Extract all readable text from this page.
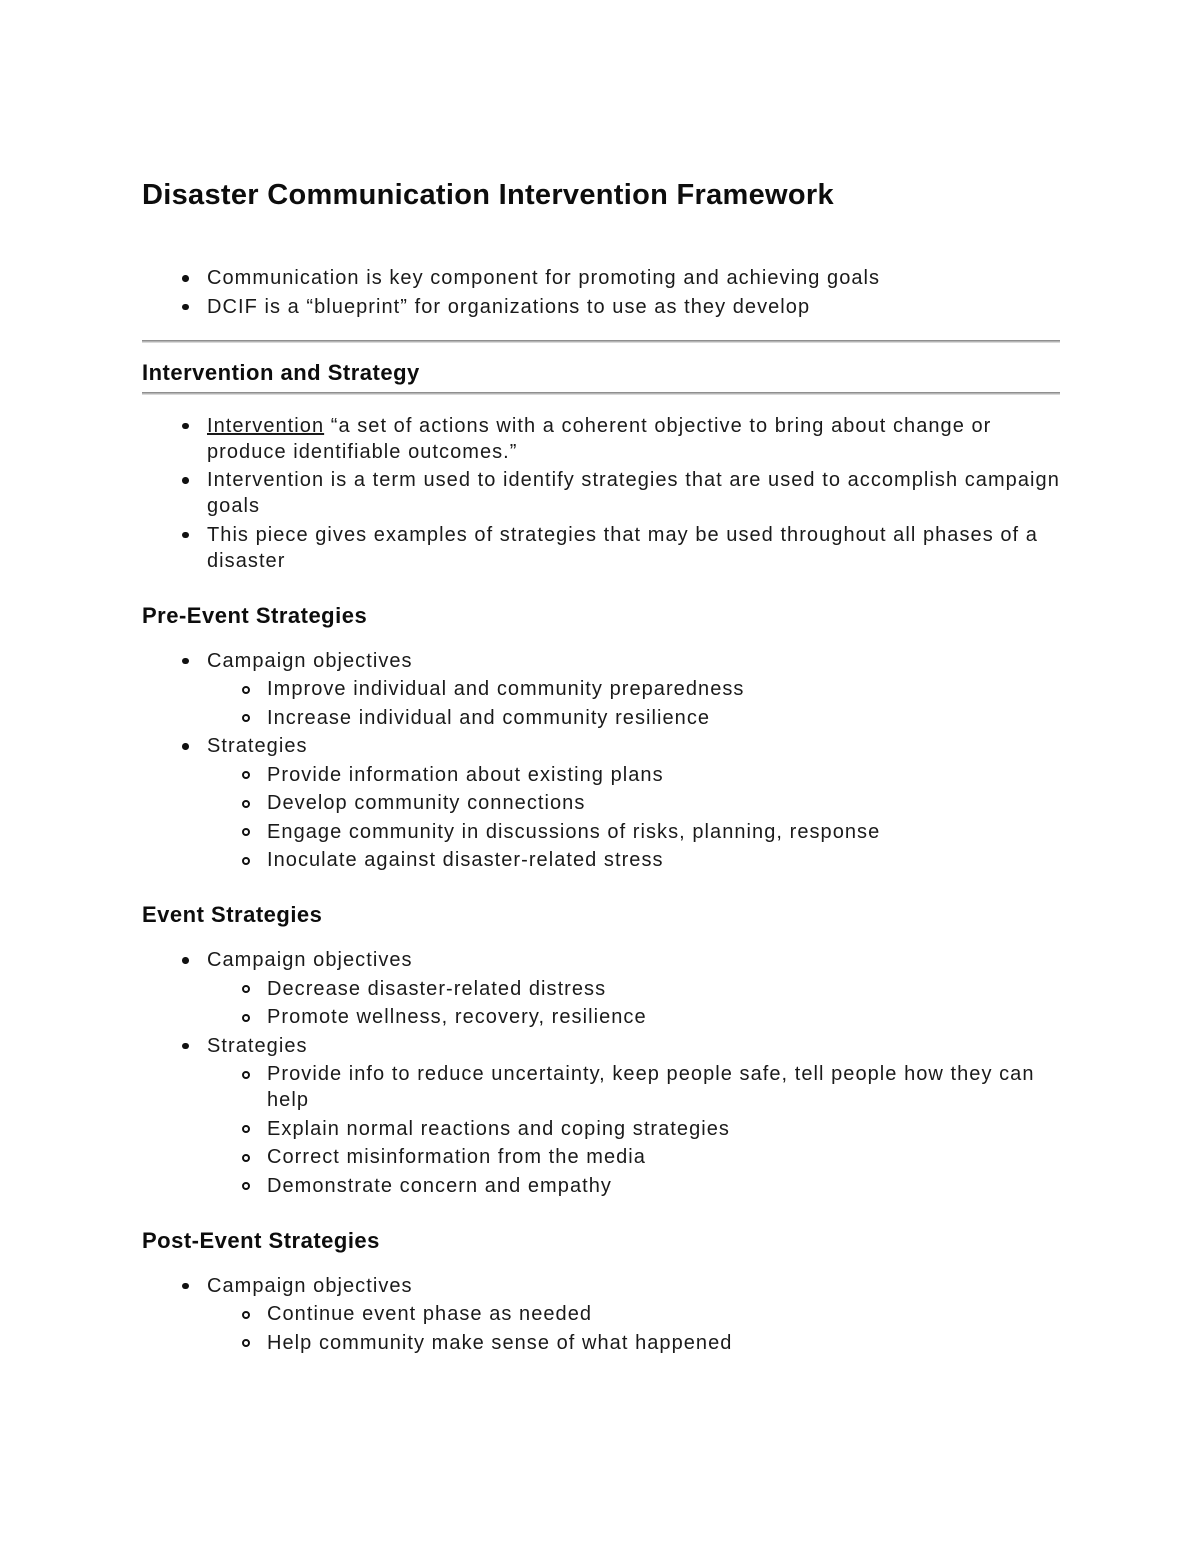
Disaster Communication Intervention Framework
Communication is key component for promoting and achieving goals
DCIF is a “blueprint” for organizations to use as they develop
Intervention and Strategy
Intervention “a set of actions with a coherent objective to bring about change or produce identifiable outcomes.”
Intervention is a term used to identify strategies that are used to accomplish campaign goals
This piece gives examples of strategies that may be used throughout all phases of a disaster
Pre-Event Strategies
Campaign objectives
Improve individual and community preparedness
Increase individual and community resilience
Strategies
Provide information about existing plans
Develop community connections
Engage community in discussions of risks, planning, response
Inoculate against disaster-related stress
Event Strategies
Campaign objectives
Decrease disaster-related distress
Promote wellness, recovery, resilience
Strategies
Provide info to reduce uncertainty, keep people safe, tell people how they can help
Explain normal reactions and coping strategies
Correct misinformation from the media
Demonstrate concern and empathy
Post-Event Strategies
Campaign objectives
Continue event phase as needed
Help community make sense of what happened
